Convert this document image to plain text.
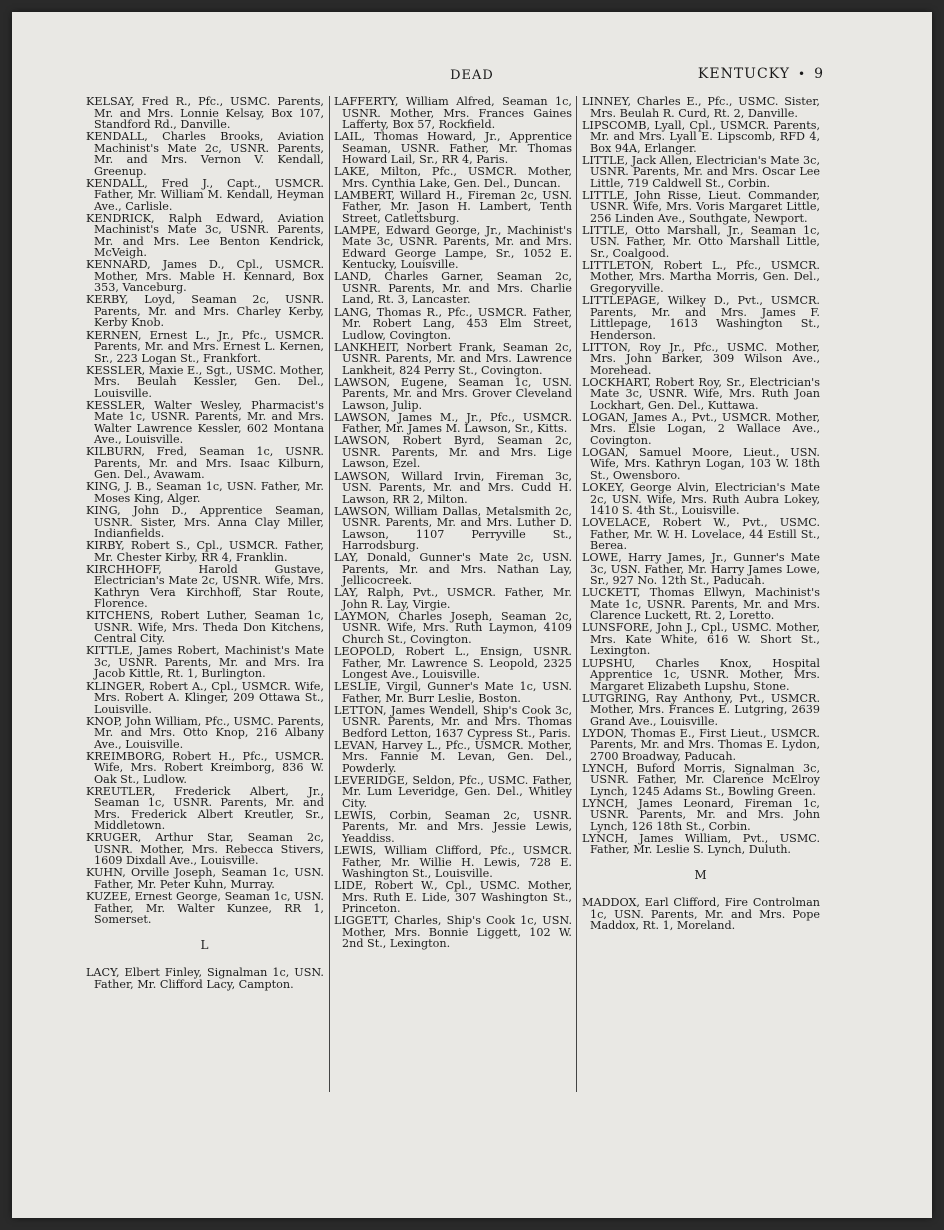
DEAD	KENTUCKY • 9

KELSAY, Fred R., Pfc., USMC. Parents, Mr. and Mrs. Lonnie Kelsay, Box 107, Standford Rd., Danville.

KENDALL, Charles Brooks, Aviation Machinist's Mate 2c, USNR. Parents, Mr. and Mrs. Vernon V. Kendall, Greenup.

KENDALL, Fred J., Capt., USMCR. Father, Mr. William M. Kendall, Heyman Ave., Carlisle.

KENDRICK, Ralph Edward, Aviation Machinist's Mate 3c, USNR. Parents, Mr. and Mrs. Lee Benton Kendrick, McVeigh.

KENNARD, James D., Cpl., USMCR. Mother, Mrs. Mable H. Kennard, Box 353, Vanceburg.

KERBY, Loyd, Seaman 2c, USNR. Parents, Mr. and Mrs. Charley Kerby, Kerby Knob.

KERNEN, Ernest L., Jr., Pfc., USMCR. Parents, Mr. and Mrs. Ernest L. Kernen, Sr., 223 Logan St., Frankfort.

KESSLER, Maxie E., Sgt., USMC. Mother, Mrs. Beulah Kessler, Gen. Del., Louisville.

KESSLER, Walter Wesley, Pharmacist's Mate 1c, USNR. Parents, Mr. and Mrs. Walter Lawrence Kessler, 602 Montana Ave., Louisville.

KILBURN, Fred, Seaman 1c, USNR. Parents, Mr. and Mrs. Isaac Kilburn, Gen. Del., Avawam.

KING, J. B., Seaman 1c, USN. Father, Mr. Moses King, Alger.

KING, John D., Apprentice Seaman, USNR. Sister, Mrs. Anna Clay Miller, Indianfields.

KIRBY, Robert S., Cpl., USMCR. Father, Mr. Chester Kirby, RR 4, Franklin.

KIRCHHOFF, Harold Gustave, Electrician's Mate 2c, USNR. Wife, Mrs. Kathryn Vera Kirchhoff, Star Route, Florence.

KITCHENS, Robert Luther, Seaman 1c, USNR. Wife, Mrs. Theda Don Kitchens, Central City.

KITTLE, James Robert, Machinist's Mate 3c, USNR. Parents, Mr. and Mrs. Ira Jacob Kittle, Rt. 1, Burlington.

KLINGER, Robert A., Cpl., USMCR. Wife, Mrs. Robert A. Klinger, 209 Ottawa St., Louisville.

KNOP, John William, Pfc., USMC. Parents, Mr. and Mrs. Otto Knop, 216 Albany Ave., Louisville.

KREIMBORG, Robert H., Pfc., USMCR. Wife, Mrs. Robert Kreimborg, 836 W. Oak St., Ludlow.

KREUTLER, Frederick Albert, Jr., Seaman 1c, USNR. Parents, Mr. and Mrs. Frederick Albert Kreutler, Sr., Middletown.

KRUGER, Arthur Star, Seaman 2c, USNR. Mother, Mrs. Rebecca Stivers, 1609 Dixdall Ave., Louisville.

KUHN, Orville Joseph, Seaman 1c, USN. Father, Mr. Peter Kuhn, Murray.

KUZEE, Ernest George, Seaman 1c, USN. Father, Mr. Walter Kunzee, RR 1, Somerset.

L

LACY, Elbert Finley, Signalman 1c, USN. Father, Mr. Clifford Lacy, Campton.

LAFFERTY, William Alfred, Seaman 1c, USNR. Mother, Mrs. Frances Gaines Lafferty, Box 57, Rockfield.

LAIL, Thomas Howard, Jr., Apprentice Seaman, USNR. Father, Mr. Thomas Howard Lail, Sr., RR 4, Paris.

LAKE, Milton, Pfc., USMCR. Mother, Mrs. Cynthia Lake, Gen. Del., Duncan.

LAMBERT, Willard H., Fireman 2c, USN. Father, Mr. Jason H. Lambert, Tenth Street, Catlettsburg.

LAMPE, Edward George, Jr., Machinist's Mate 3c, USNR. Parents, Mr. and Mrs. Edward George Lampe, Sr., 1052 E. Kentucky, Louisville.

LAND, Charles Garner, Seaman 2c, USNR. Parents, Mr. and Mrs. Charlie Land, Rt. 3, Lancaster.

LANG, Thomas R., Pfc., USMCR. Father, Mr. Robert Lang, 453 Elm Street, Ludlow, Covington.

LANKHEIT, Norbert Frank, Seaman 2c, USNR. Parents, Mr. and Mrs. Lawrence Lankheit, 824 Perry St., Covington.

LAWSON, Eugene, Seaman 1c, USN. Parents, Mr. and Mrs. Grover Cleveland Lawson, Julip.

LAWSON, James M., Jr., Pfc., USMCR. Father, Mr. James M. Lawson, Sr., Kitts.

LAWSON, Robert Byrd, Seaman 2c, USNR. Parents, Mr. and Mrs. Lige Lawson, Ezel.

LAWSON, Willard Irvin, Fireman 3c, USN. Parents, Mr. and Mrs. Cudd H. Lawson, RR 2, Milton.

LAWSON, William Dallas, Metalsmith 2c, USNR. Parents, Mr. and Mrs. Luther D. Lawson, 1107 Perryville St., Harrodsburg.

LAY, Donald, Gunner's Mate 2c, USN. Parents, Mr. and Mrs. Nathan Lay, Jellicocreek.

LAY, Ralph, Pvt., USMCR. Father, Mr. John R. Lay, Virgie.

LAYMON, Charles Joseph, Seaman 2c, USNR. Wife, Mrs. Ruth Laymon, 4109 Church St., Covington.

LEOPOLD, Robert L., Ensign, USNR. Father, Mr. Lawrence S. Leopold, 2325 Longest Ave., Louisville.

LESLIE, Virgil, Gunner's Mate 1c, USN. Father, Mr. Burr Leslie, Boston.

LETTON, James Wendell, Ship's Cook 3c, USNR. Parents, Mr. and Mrs. Thomas Bedford Letton, 1637 Cypress St., Paris.

LEVAN, Harvey L., Pfc., USMCR. Mother, Mrs. Fannie M. Levan, Gen. Del., Powderly.

LEVERIDGE, Seldon, Pfc., USMC. Father, Mr. Lum Leveridge, Gen. Del., Whitley City.

LEWIS, Corbin, Seaman 2c, USNR. Parents, Mr. and Mrs. Jessie Lewis, Yeaddiss.

LEWIS, William Clifford, Pfc., USMCR. Father, Mr. Willie H. Lewis, 728 E. Washington St., Louisville.

LIDE, Robert W., Cpl., USMC. Mother, Mrs. Ruth E. Lide, 307 Washington St., Princeton.

LIGGETT, Charles, Ship's Cook 1c, USN. Mother, Mrs. Bonnie Liggett, 102 W. 2nd St., Lexington.

LINNEY, Charles E., Pfc., USMC. Sister, Mrs. Beulah R. Curd, Rt. 2, Danville.

LIPSCOMB, Lyall, Cpl., USMCR. Parents, Mr. and Mrs. Lyall E. Lipscomb, RFD 4, Box 94A, Erlanger.

LITTLE, Jack Allen, Electrician's Mate 3c, USNR. Parents, Mr. and Mrs. Oscar Lee Little, 719 Caldwell St., Corbin.

LITTLE, John Risse, Lieut. Commander, USNR. Wife, Mrs. Voris Margaret Little, 256 Linden Ave., Southgate, Newport.

LITTLE, Otto Marshall, Jr., Seaman 1c, USN. Father, Mr. Otto Marshall Little, Sr., Coalgood.

LITTLETON, Robert L., Pfc., USMCR. Mother, Mrs. Martha Morris, Gen. Del., Gregoryville.

LITTLEPAGE, Wilkey D., Pvt., USMCR. Parents, Mr. and Mrs. James F. Littlepage, 1613 Washington St., Henderson.

LITTON, Roy Jr., Pfc., USMC. Mother, Mrs. John Barker, 309 Wilson Ave., Morehead.

LOCKHART, Robert Roy, Sr., Electrician's Mate 3c, USNR. Wife, Mrs. Ruth Joan Lockhart, Gen. Del., Kuttawa.

LOGAN, James A., Pvt., USMCR. Mother, Mrs. Elsie Logan, 2 Wallace Ave., Covington.

LOGAN, Samuel Moore, Lieut., USN. Wife, Mrs. Kathryn Logan, 103 W. 18th St., Owensboro.

LOKEY, George Alvin, Electrician's Mate 2c, USN. Wife, Mrs. Ruth Aubra Lokey, 1410 S. 4th St., Louisville.

LOVELACE, Robert W., Pvt., USMC. Father, Mr. W. H. Lovelace, 44 Estill St., Berea.

LOWE, Harry James, Jr., Gunner's Mate 3c, USN. Father, Mr. Harry James Lowe, Sr., 927 No. 12th St., Paducah.

LUCKETT, Thomas Ellwyn, Machinist's Mate 1c, USNR. Parents, Mr. and Mrs. Clarence Luckett, Rt. 2, Loretto.

LUNSFORE, John J., Cpl., USMC. Mother, Mrs. Kate White, 616 W. Short St., Lexington.

LUPSHU, Charles Knox, Hospital Apprentice 1c, USNR. Mother, Mrs. Margaret Elizabeth Lupshu, Stone.

LUTGRING, Ray Anthony, Pvt., USMCR. Mother, Mrs. Frances E. Lutgring, 2639 Grand Ave., Louisville.

LYDON, Thomas E., First Lieut., USMCR. Parents, Mr. and Mrs. Thomas E. Lydon, 2700 Broadway, Paducah.

LYNCH, Buford Morris, Signalman 3c, USNR. Father, Mr. Clarence McElroy Lynch, 1245 Adams St., Bowling Green.

LYNCH, James Leonard, Fireman 1c, USNR. Parents, Mr. and Mrs. John Lynch, 126 18th St., Corbin.

LYNCH, James William, Pvt., USMC. Father, Mr. Leslie S. Lynch, Duluth.

M

MADDOX, Earl Clifford, Fire Controlman 1c, USN. Parents, Mr. and Mrs. Pope Maddox, Rt. 1, Moreland.
